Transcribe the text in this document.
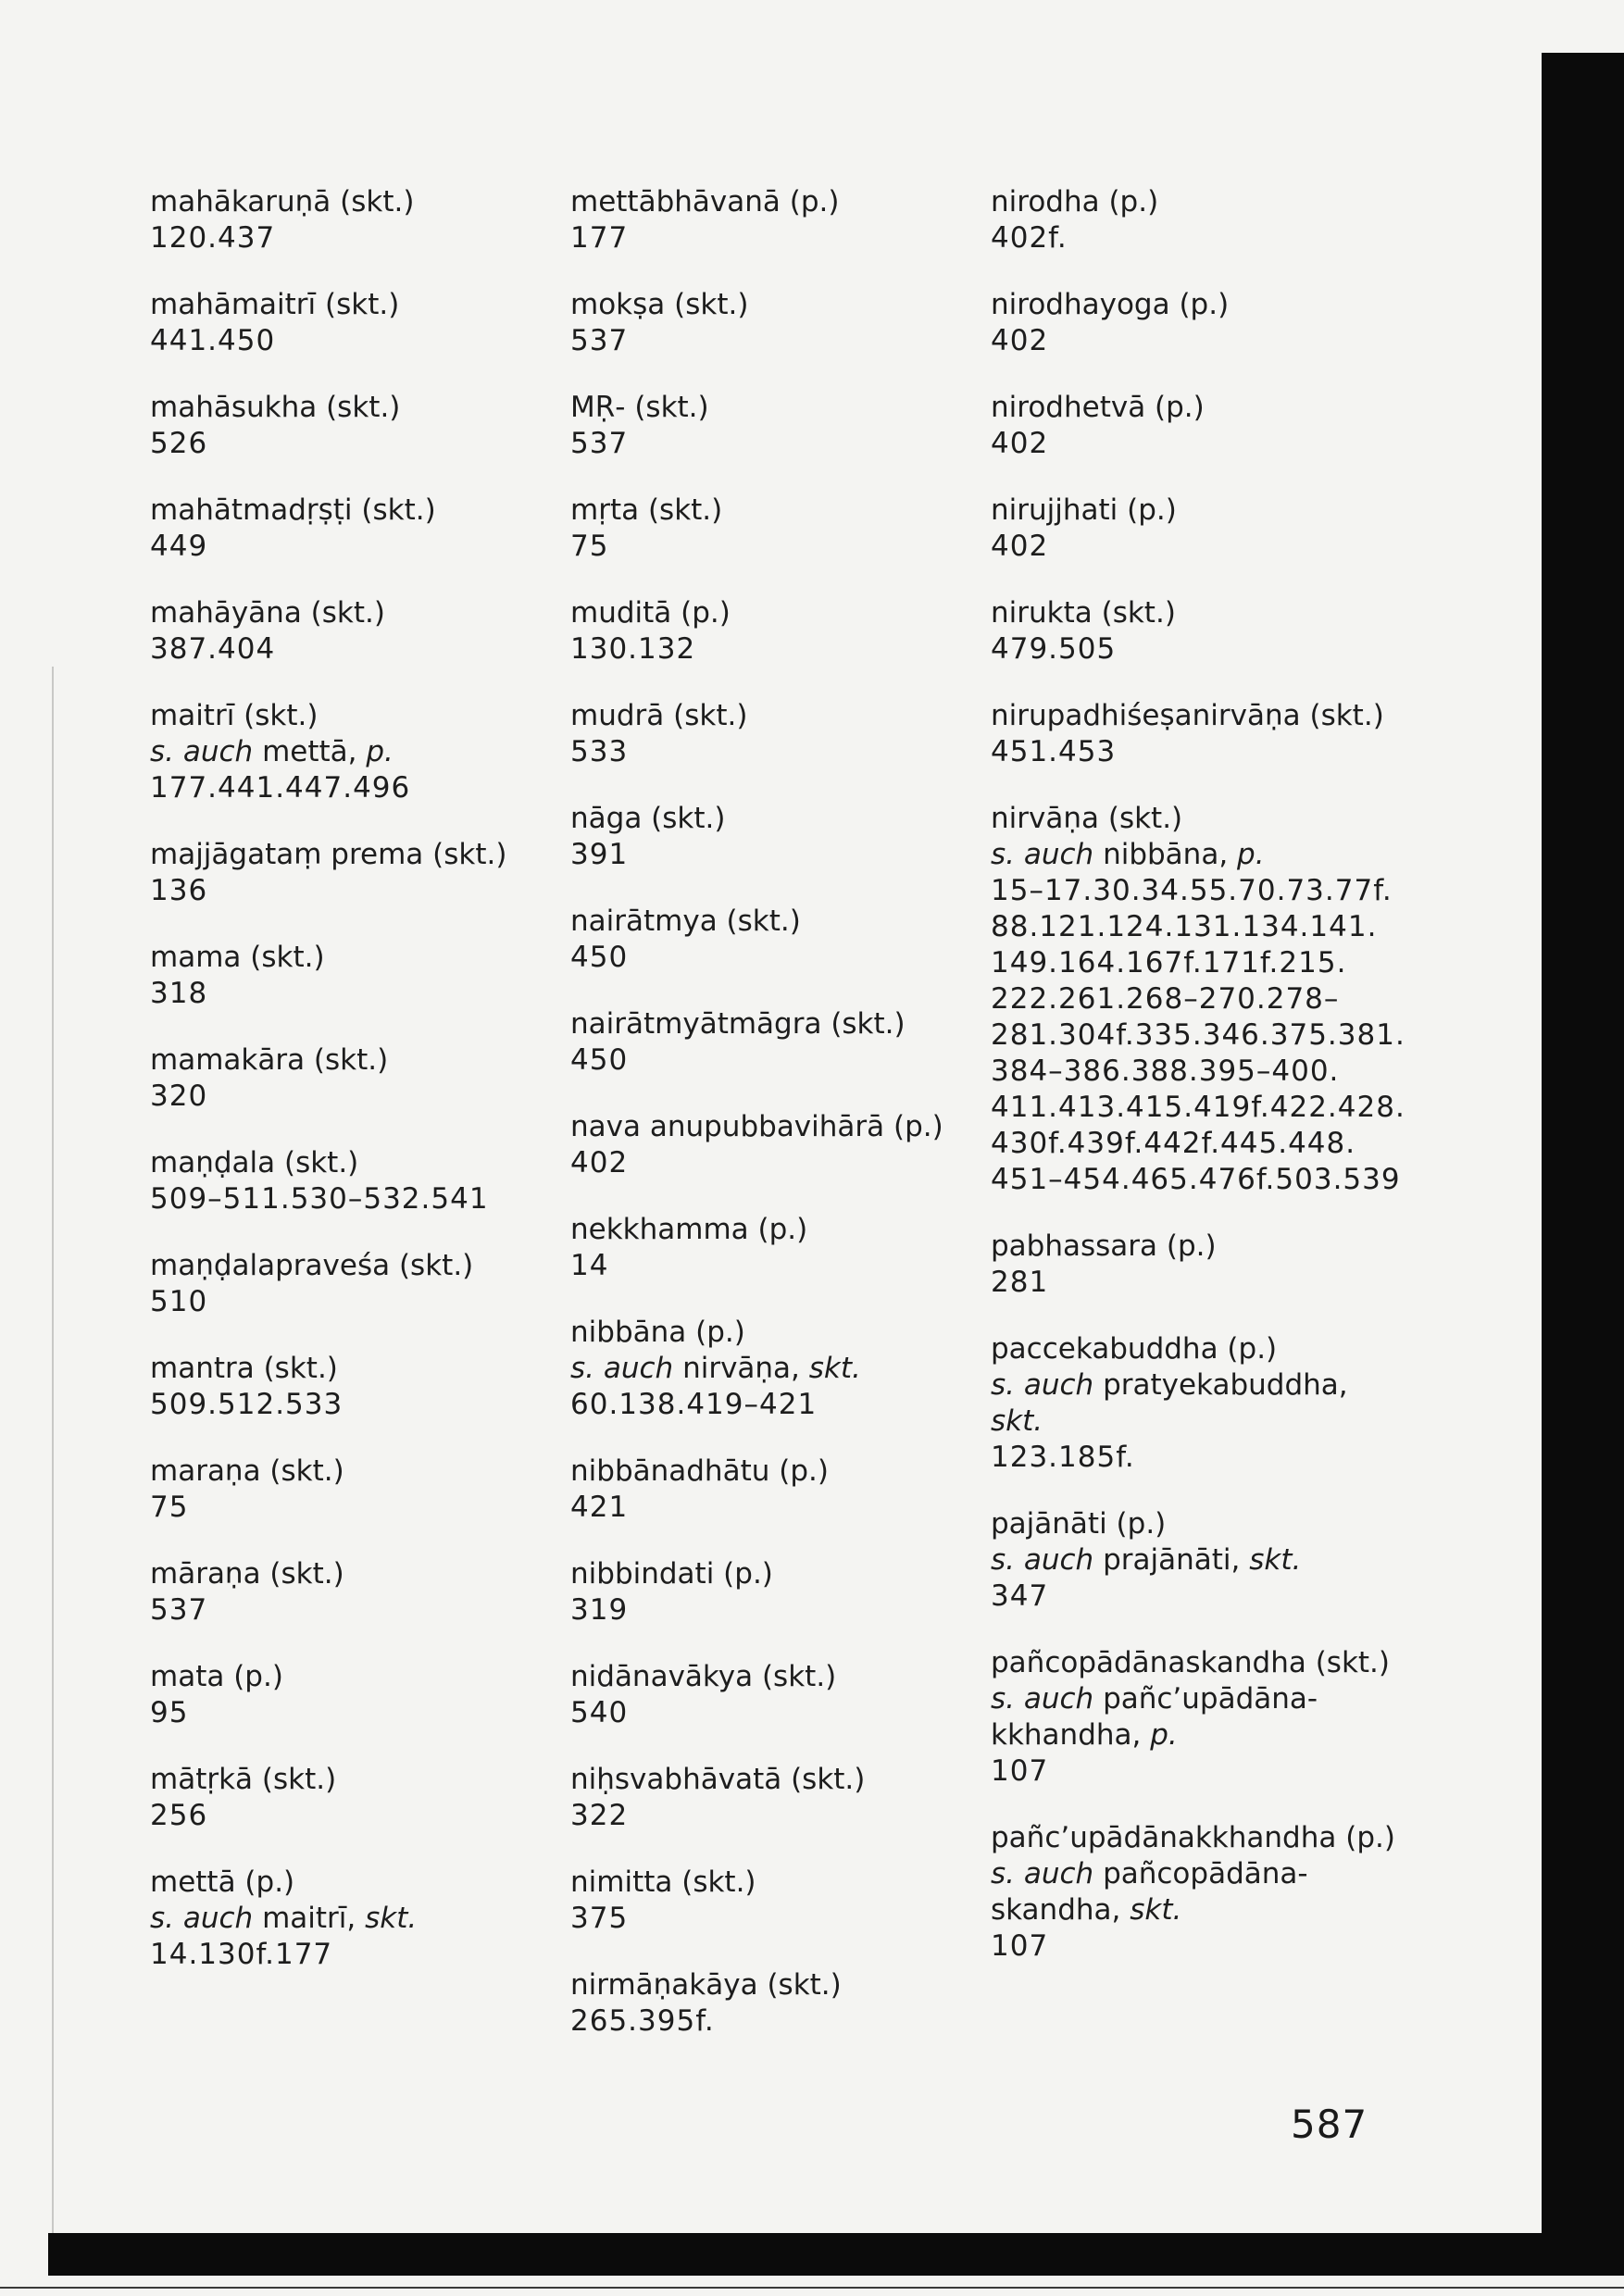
mahākaruṇā (skt.)
120.437
mahāmaitrī (skt.)
441.450
mahāsukha (skt.)
526
mahātmadṛṣṭi (skt.)
449
mahāyāna (skt.)
387.404
maitrī (skt.)
s. auch mettā, p.
177.441.447.496
majjāgataṃ prema (skt.)
136
mama (skt.)
318
mamakāra (skt.)
320
maṇḍala (skt.)
509–511.530–532.541
maṇḍalapraveśa (skt.)
510
mantra (skt.)
509.512.533
maraṇa (skt.)
75
māraṇa (skt.)
537
mata (p.)
95
mātṛkā (skt.)
256
mettā (p.)
s. auch maitrī, skt.
14.130f.177
mettābhāvanā (p.)
177
mokṣa (skt.)
537
MṚ- (skt.)
537
mṛta (skt.)
75
muditā (p.)
130.132
mudrā (skt.)
533
nāga (skt.)
391
nairātmya (skt.)
450
nairātmyātmāgra (skt.)
450
nava anupubbavihārā (p.)
402
nekkhamma (p.)
14
nibbāna (p.)
s. auch nirvāṇa, skt.
60.138.419–421
nibbānadhātu (p.)
421
nibbindati (p.)
319
nidānavākya (skt.)
540
niḥsvabhāvatā (skt.)
322
nimitta (skt.)
375
nirmāṇakāya (skt.)
265.395f.
nirodha (p.)
402f.
nirodhayoga (p.)
402
nirodhetvā (p.)
402
nirujjhati (p.)
402
nirukta (skt.)
479.505
nirupadhiśeṣanirvāṇa (skt.)
451.453
nirvāṇa (skt.)
s. auch nibbāna, p.
15–17.30.34.55.70.73.77f.
88.121.124.131.134.141.
149.164.167f.171f.215.
222.261.268–270.278–
281.304f.335.346.375.381.
384–386.388.395–400.
411.413.415.419f.422.428.
430f.439f.442f.445.448.
451–454.465.476f.503.539
pabhassara (p.)
281
paccekabuddha (p.)
s. auch pratyekabuddha,
skt.
123.185f.
pajānāti (p.)
s. auch prajānāti, skt.
347
pañcopādānaskandha (skt.)
s. auch pañc’upādāna-
kkhandha, p.
107
pañc’upādānakkhandha (p.)
s. auch pañcopādāna-
skandha, skt.
107
587
